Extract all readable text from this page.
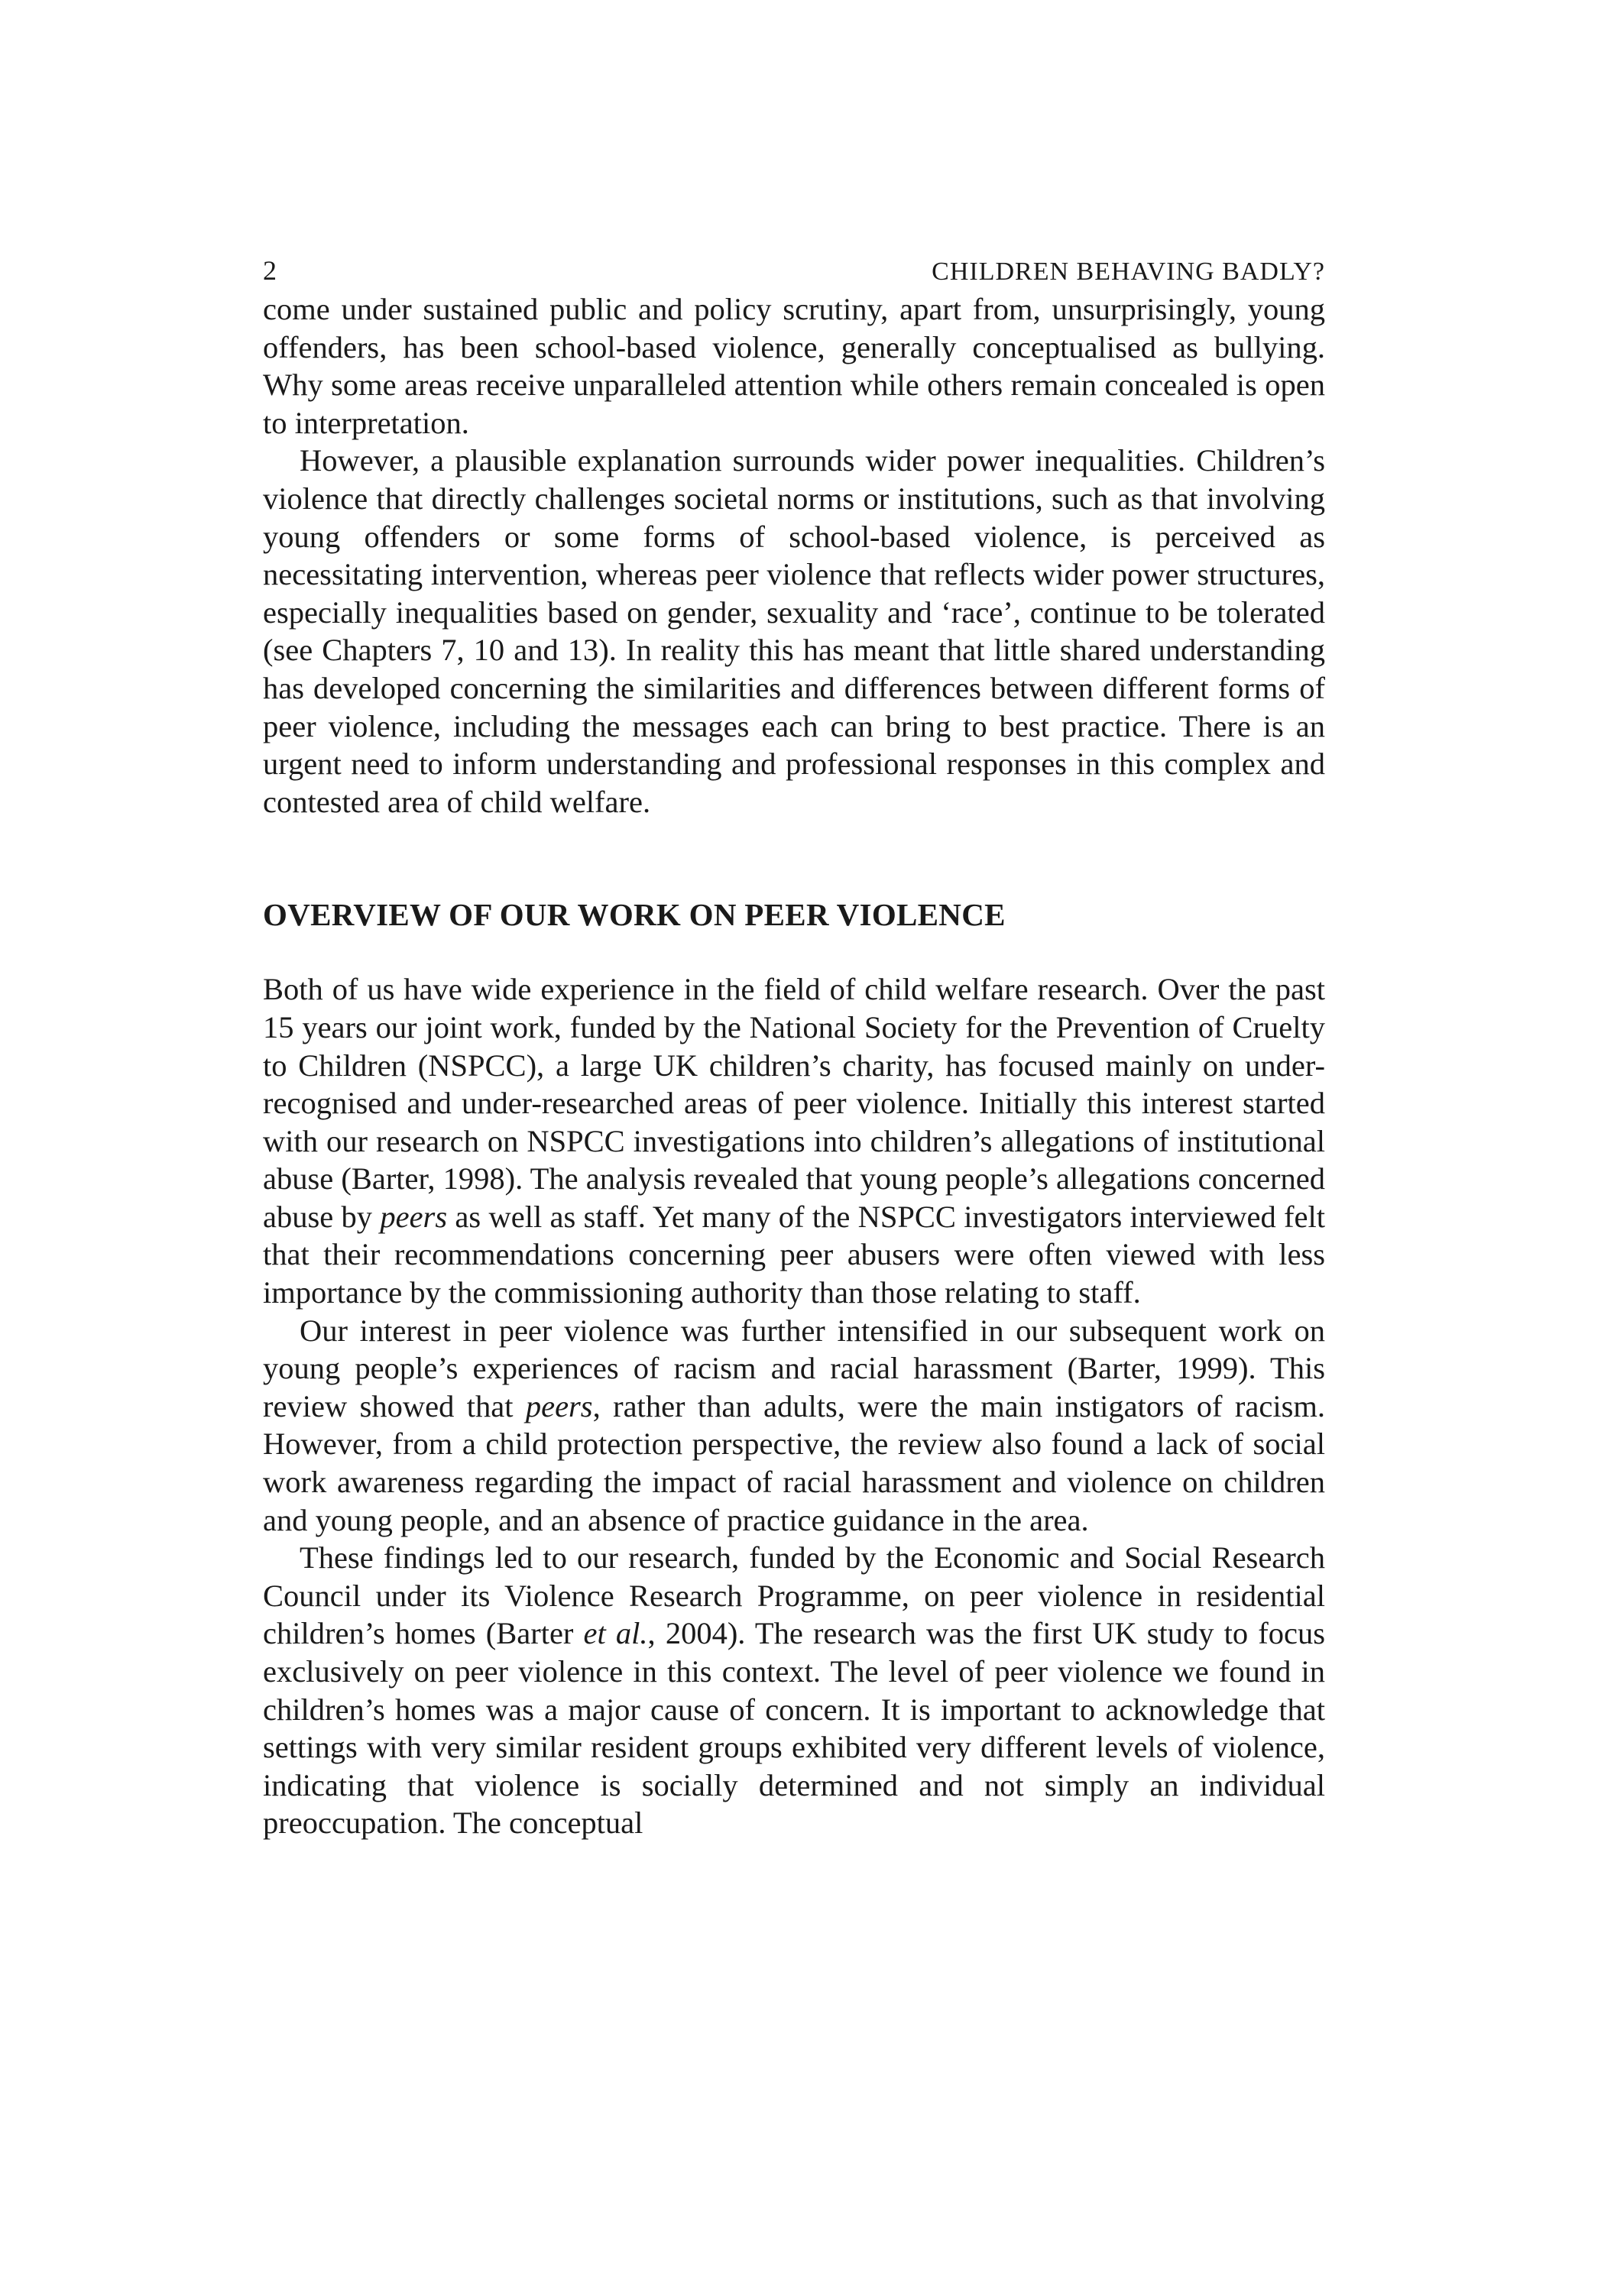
2	CHILDREN BEHAVING BADLY?

come under sustained public and policy scrutiny, apart from, unsurprisingly, young offenders, has been school-based violence, generally conceptualised as bullying. Why some areas receive unparalleled attention while others remain concealed is open to interpretation.

However, a plausible explanation surrounds wider power inequalities. Children’s violence that directly challenges societal norms or institutions, such as that involving young offenders or some forms of school-based violence, is perceived as necessitating intervention, whereas peer violence that reflects wider power structures, especially inequalities based on gender, sexuality and ‘race’, continue to be tolerated (see Chapters 7, 10 and 13). In reality this has meant that little shared understanding has developed concerning the similarities and differences between different forms of peer violence, including the messages each can bring to best practice. There is an urgent need to inform understanding and professional responses in this complex and contested area of child welfare.

OVERVIEW OF OUR WORK ON PEER VIOLENCE

Both of us have wide experience in the field of child welfare research. Over the past 15 years our joint work, funded by the National Society for the Prevention of Cruelty to Children (NSPCC), a large UK children’s charity, has focused mainly on under-recognised and under-researched areas of peer violence. Initially this interest started with our research on NSPCC investigations into children’s allegations of institutional abuse (Barter, 1998). The analysis revealed that young people’s allegations concerned abuse by peers as well as staff. Yet many of the NSPCC investigators interviewed felt that their recommendations concerning peer abusers were often viewed with less importance by the commissioning authority than those relating to staff.

Our interest in peer violence was further intensified in our subsequent work on young people’s experiences of racism and racial harassment (Barter, 1999). This review showed that peers, rather than adults, were the main instigators of racism. However, from a child protection perspective, the review also found a lack of social work awareness regarding the impact of racial harassment and violence on children and young people, and an absence of practice guidance in the area.

These findings led to our research, funded by the Economic and Social Research Council under its Violence Research Programme, on peer violence in residential children’s homes (Barter et al., 2004). The research was the first UK study to focus exclusively on peer violence in this context. The level of peer violence we found in children’s homes was a major cause of concern. It is important to acknowledge that settings with very similar resident groups exhibited very different levels of violence, indicating that violence is socially determined and not simply an individual preoccupation. The conceptual
